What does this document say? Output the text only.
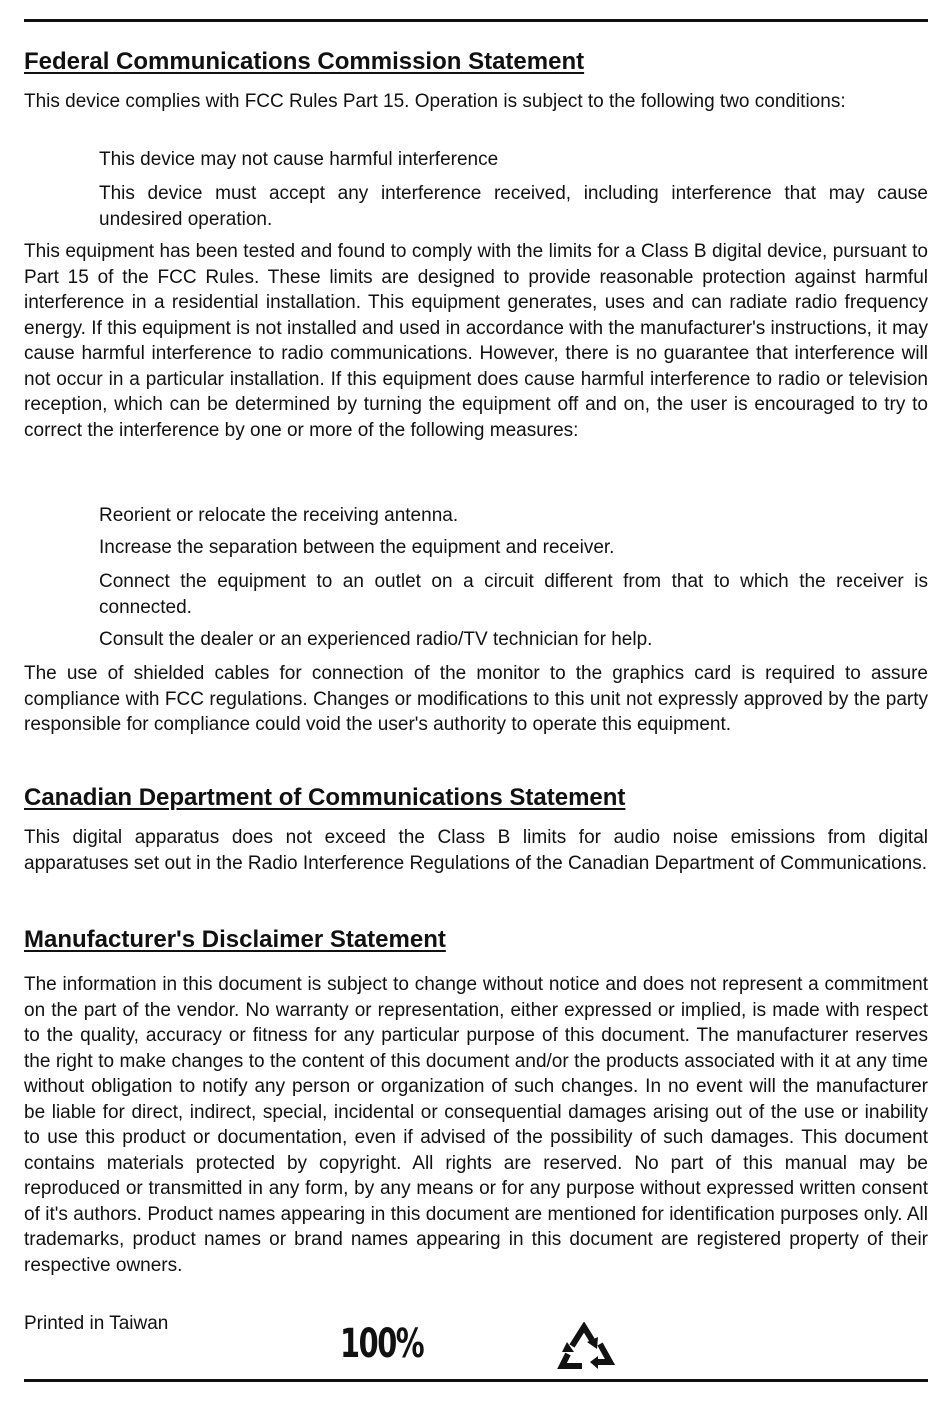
Federal Communications Commission Statement

This device complies with FCC Rules Part 15. Operation is subject to the following two conditions:

This device may not cause harmful interference

This device must accept any interference received, including interference that may cause undesired operation.

This equipment has been tested and found to comply with the limits for a Class B digital device, pursuant to Part 15 of the FCC Rules. These limits are designed to provide reasonable protection against harmful interference in a residential installation. This equipment generates, uses and can radiate radio frequency energy. If this equipment is not installed and used in accordance with the manufacturer's instructions, it may cause harmful interference to radio communications. However, there is no guarantee that interference will not occur in a particular installation. If this equipment does cause harmful interference to radio or television reception, which can be determined by turning the equipment off and on, the user is encouraged to try to correct the interference by one or more of the following measures:

Reorient or relocate the receiving antenna.

Increase the separation between the equipment and receiver.

Connect the equipment to an outlet on a circuit different from that to which the receiver is connected.

Consult the dealer or an experienced radio/TV technician for help.

The use of shielded cables for connection of the monitor to the graphics card is required to assure compliance with FCC regulations. Changes or modifications to this unit not expressly approved by the party responsible for compliance could void the user's authority to operate this equipment.

Canadian Department of Communications Statement

This digital apparatus does not exceed the Class B limits for audio noise emissions from digital apparatuses set out in the Radio Interference Regulations of the Canadian Department of Communications.

Manufacturer's Disclaimer Statement

The information in this document is subject to change without notice and does not represent a commitment on the part of the vendor. No warranty or representation, either expressed or implied, is made with respect to the quality, accuracy or fitness for any particular purpose of this document. The manufacturer reserves the right to make changes to the content of this document and/or the products associated with it at any time without obligation to notify any person or organization of such changes. In no event will the manufacturer be liable for direct, indirect, special, incidental or consequential damages arising out of the use or inability to use this product or documentation, even if advised of the possibility of such damages. This document contains materials protected by copyright. All rights are reserved. No part of this manual may be reproduced or transmitted in any form, by any means or for any purpose without expressed written consent of it's authors. Product names appearing in this document are mentioned for identification purposes only. All trademarks, product names or brand names appearing in this document are registered property of their respective owners.

Printed in Taiwan	100%
